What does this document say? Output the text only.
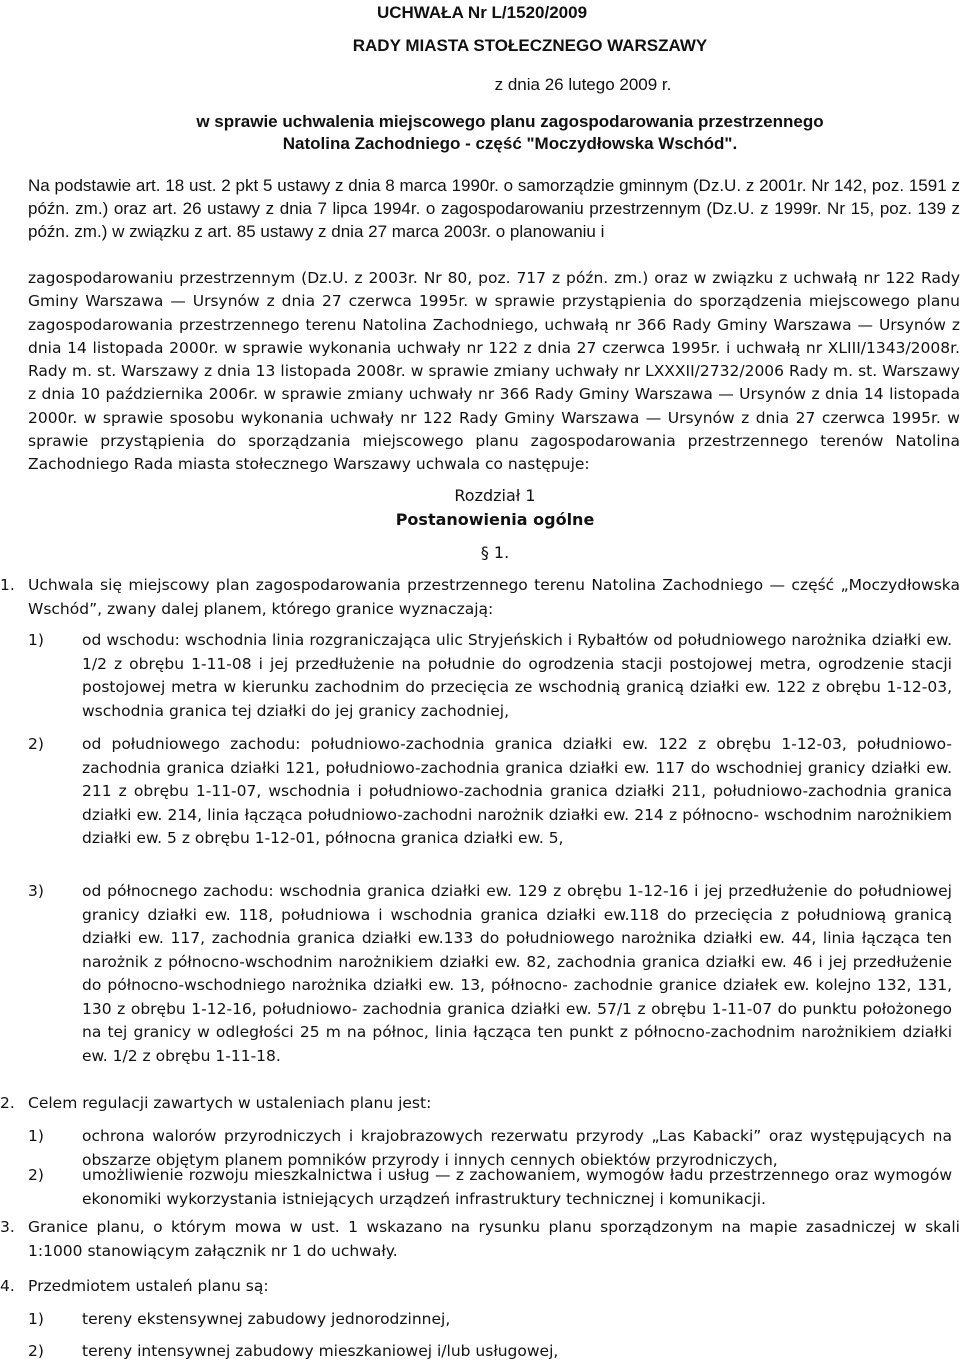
UCHWAŁA Nr L/1520/2009
RADY MIASTA STOŁECZNEGO WARSZAWY
z dnia 26 lutego 2009 r.
w sprawie uchwalenia miejscowego planu zagospodarowania przestrzennego
Natolina Zachodniego - część "Moczydłowska Wschód".

Na podstawie art. 18 ust. 2 pkt 5 ustawy z dnia 8 marca 1990r. o samorządzie gminnym (Dz.U. z 2001r. Nr 142, poz. 1591 z późn. zm.) oraz art. 26 ustawy z dnia 7 lipca 1994r. o zagospodarowaniu przestrzennym (Dz.U. z 1999r. Nr 15, poz. 139 z późn. zm.) w związku z art. 85 ustawy z dnia 27 marca 2003r. o planowaniu i

zagospodarowaniu przestrzennym (Dz.U. z 2003r. Nr 80, poz. 717 z późn. zm.) oraz w związku z uchwałą nr 122 Rady Gminy Warszawa — Ursynów z dnia 27 czerwca 1995r. w sprawie przystąpienia do sporządzenia miejscowego planu zagospodarowania przestrzennego terenu Natolina Zachodniego, uchwałą nr 366 Rady Gminy Warszawa — Ursynów z dnia 14 listopada 2000r. w sprawie wykonania uchwały nr 122 z dnia 27 czerwca 1995r. i uchwałą nr XLIII/1343/2008r. Rady m. st. Warszawy z dnia 13 listopada 2008r. w sprawie zmiany uchwały nr LXXXII/2732/2006 Rady m. st. Warszawy z dnia 10 października 2006r. w sprawie zmiany uchwały nr 366 Rady Gminy Warszawa — Ursynów z dnia 14 listopada 2000r. w sprawie sposobu wykonania uchwały nr 122 Rady Gminy Warszawa — Ursynów z dnia 27 czerwca 1995r. w sprawie przystąpienia do sporządzania miejscowego planu zagospodarowania przestrzennego terenów Natolina Zachodniego Rada miasta stołecznego Warszawy uchwala co następuje:

Rozdział 1
Postanowienia ogólne
§ 1.
1. Uchwala się miejscowy plan zagospodarowania przestrzennego terenu Natolina Zachodniego — część „Moczydłowska Wschód”, zwany dalej planem, którego granice wyznaczają:
1) od wschodu: wschodnia linia rozgraniczająca ulic Stryjeńskich i Rybałtów od południowego narożnika działki ew. 1/2 z obrębu 1-11-08 i jej przedłużenie na południe do ogrodzenia stacji postojowej metra, ogrodzenie stacji postojowej metra w kierunku zachodnim do przecięcia ze wschodnią granicą działki ew. 122 z obrębu 1-12-03, wschodnia granica tej działki do jej granicy zachodniej,
2) od południowego zachodu: południowo-zachodnia granica działki ew. 122 z obrębu 1-12-03, południowo-zachodnia granica działki 121, południowo-zachodnia granica działki ew. 117 do wschodniej granicy działki ew. 211 z obrębu 1-11-07, wschodnia i południowo-zachodnia granica działki 211, południowo-zachodnia granica działki ew. 214, linia łącząca południowo-zachodni narożnik działki ew. 214 z północno- wschodnim narożnikiem działki ew. 5 z obrębu 1-12-01, północna granica działki ew. 5,
3) od północnego zachodu: wschodnia granica działki ew. 129 z obrębu 1-12-16 i jej przedłużenie do południowej granicy działki ew. 118, południowa i wschodnia granica działki ew.118 do przecięcia z południową granicą działki ew. 117, zachodnia granica działki ew.133 do południowego narożnika działki ew. 44, linia łącząca ten narożnik z północno-wschodnim narożnikiem działki ew. 82, zachodnia granica działki ew. 46 i jej przedłużenie do północno-wschodniego narożnika działki ew. 13, północno- zachodnie granice działek ew. kolejno 132, 131, 130 z obrębu 1-12-16, południowo- zachodnia granica działki ew. 57/1 z obrębu 1-11-07 do punktu położonego na tej granicy w odległości 25 m na północ, linia łącząca ten punkt z północno-zachodnim narożnikiem działki ew. 1/2 z obrębu 1-11-18.
2. Celem regulacji zawartych w ustaleniach planu jest:
1) ochrona walorów przyrodniczych i krajobrazowych rezerwatu przyrody „Las Kabacki” oraz występujących na obszarze objętym planem pomników przyrody i innych cennych obiektów przyrodniczych,
2) umożliwienie rozwoju mieszkalnictwa i usług — z zachowaniem, wymogów ładu przestrzennego oraz wymogów ekonomiki wykorzystania istniejących urządzeń infrastruktury technicznej i komunikacji.
3. Granice planu, o którym mowa w ust. 1 wskazano na rysunku planu sporządzonym na mapie zasadniczej w skali 1:1000 stanowiącym załącznik nr 1 do uchwały.
4. Przedmiotem ustaleń planu są:
1) tereny ekstensywnej zabudowy jednorodzinnej,
2) tereny intensywnej zabudowy mieszkaniowej i/lub usługowej,
